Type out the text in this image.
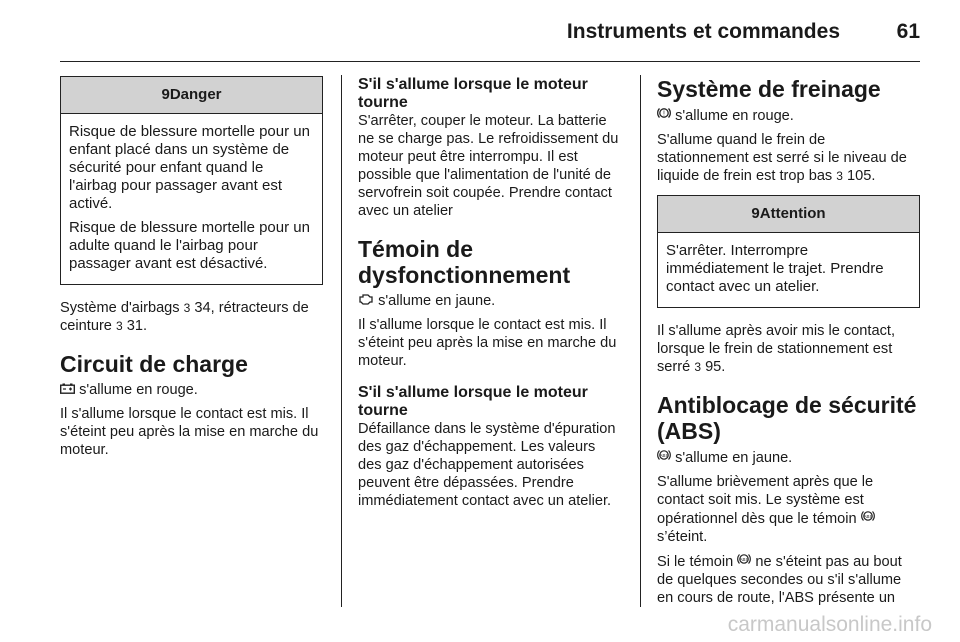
Instruments et commandes	61
9Danger

Risque de blessure mortelle pour un enfant placé dans un système de sécurité pour enfant quand le l'airbag pour passager avant est activé.

Risque de blessure mortelle pour un adulte quand le l'airbag pour passager avant est désactivé.

Système d'airbags 3 34, rétracteurs de ceinture 3 31.

Circuit de charge

s'allume en rouge.

Il s'allume lorsque le contact est mis. Il s'éteint peu après la mise en marche du moteur.

S'il s'allume lorsque le moteur tourne

S'arrêter, couper le moteur. La batterie ne se charge pas. Le refroidissement du moteur peut être interrompu. Il est possible que l'alimentation de l'unité de servofrein soit coupée. Prendre contact avec un atelier

Témoin de dysfonctionnement

s'allume en jaune.

Il s'allume lorsque le contact est mis. Il s'éteint peu après la mise en marche du moteur.

S'il s'allume lorsque le moteur tourne

Défaillance dans le système d'épuration des gaz d'échappement. Les valeurs des gaz d'échappement autorisées peuvent être dépassées. Prendre immédiatement contact avec un atelier.

Système de freinage

! s'allume en rouge.

S'allume quand le frein de stationnement est serré si le niveau de liquide de frein est trop bas 3 105.

9Attention

S'arrêter. Interrompre immédiatement le trajet. Prendre contact avec un atelier.

Il s'allume après avoir mis le contact, lorsque le frein de stationnement est serré 3 95.

Antiblocage de sécurité (ABS)

ABS s'allume en jaune.

S'allume brièvement après que le contact soit mis. Le système est opérationnel dès que le témoin ABS
s’éteint.

Si le témoin ABS ne s'éteint pas au bout de quelques secondes ou s'il s'allume en cours de route, l'ABS présente un

carmanualsonline.info
